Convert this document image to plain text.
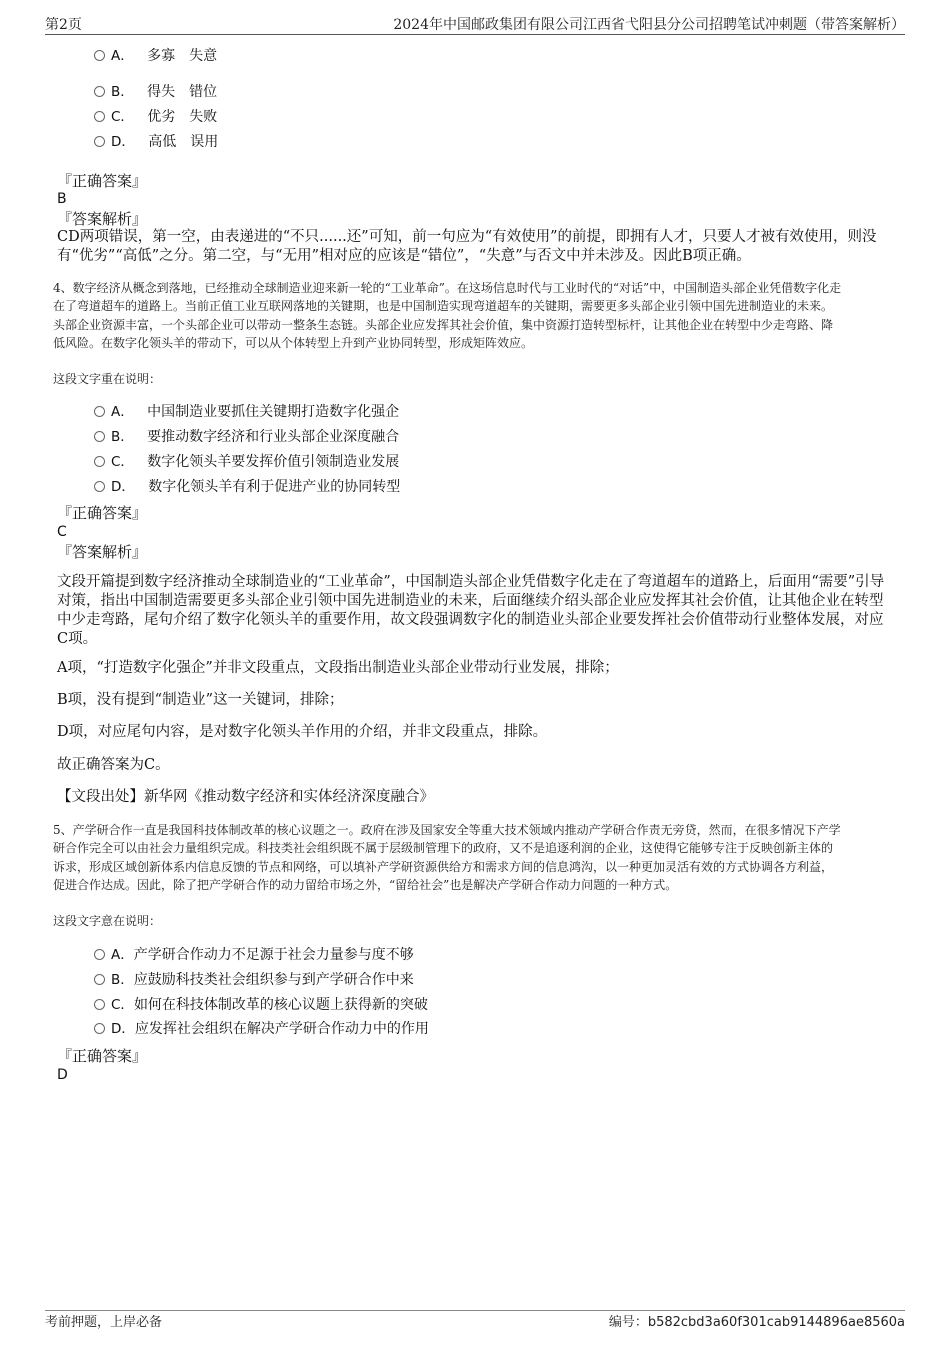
第2页	2024年中国邮政集团有限公司江西省弋阳县分公司招聘笔试冲刺题（带答案解析）
A． 多寡　失意
B． 得失　错位
C． 优劣　失败
D． 高低　误用
『正确答案』
B
『答案解析』
CD两项错误，第一空，由表递进的“不只......还”可知，前一句应为“有效使用”的前提，即拥有人才，只要人才被有效使用，则没
有“优劣”“高低”之分。第二空，与“无用”相对应的应该是“错位”，“失意”与否文中并未涉及。因此B项正确。
4、数字经济从概念到落地，已经推动全球制造业迎来新一轮的“工业革命”。在这场信息时代与工业时代的“对话”中，中国制造头部企业凭借数字化走
在了弯道超车的道路上。当前正值工业互联网落地的关键期，也是中国制造实现弯道超车的关键期，需要更多头部企业引领中国先进制造业的未来。
头部企业资源丰富，一个头部企业可以带动一整条生态链。头部企业应发挥其社会价值，集中资源打造转型标杆，让其他企业在转型中少走弯路、降
低风险。在数字化领头羊的带动下，可以从个体转型上升到产业协同转型，形成矩阵效应。
这段文字重在说明：
A． 中国制造业要抓住关键期打造数字化强企
B． 要推动数字经济和行业头部企业深度融合
C． 数字化领头羊要发挥价值引领制造业发展
D． 数字化领头羊有利于促进产业的协同转型
『正确答案』
C
『答案解析』
文段开篇提到数字经济推动全球制造业的“工业革命”，中国制造头部企业凭借数字化走在了弯道超车的道路上，后面用“需要”引导
对策，指出中国制造需要更多头部企业引领中国先进制造业的未来，后面继续介绍头部企业应发挥其社会价值，让其他企业在转型
中少走弯路，尾句介绍了数字化领头羊的重要作用，故文段强调数字化的制造业头部企业要发挥社会价值带动行业整体发展，对应
C项。
A项，“打造数字化强企”并非文段重点，文段指出制造业头部企业带动行业发展，排除；
B项，没有提到“制造业”这一关键词，排除；
D项，对应尾句内容，是对数字化领头羊作用的介绍，并非文段重点，排除。
故正确答案为C。
【文段出处】新华网《推动数字经济和实体经济深度融合》
5、产学研合作一直是我国科技体制改革的核心议题之一。政府在涉及国家安全等重大技术领域内推动产学研合作责无旁贷，然而，在很多情况下产学
研合作完全可以由社会力量组织完成。科技类社会组织既不属于层级制管理下的政府，又不是追逐利润的企业，这使得它能够专注于反映创新主体的
诉求，形成区域创新体系内信息反馈的节点和网络，可以填补产学研资源供给方和需求方间的信息鸿沟，以一种更加灵活有效的方式协调各方利益，
促进合作达成。因此，除了把产学研合作的动力留给市场之外，“留给社会”也是解决产学研合作动力问题的一种方式。
这段文字意在说明：
A．产学研合作动力不足源于社会力量参与度不够
B．应鼓励科技类社会组织参与到产学研合作中来
C．如何在科技体制改革的核心议题上获得新的突破
D．应发挥社会组织在解决产学研合作动力中的作用
『正确答案』
D
考前押题，上岸必备	编号：b582cbd3a60f301cab9144896ae8560a
